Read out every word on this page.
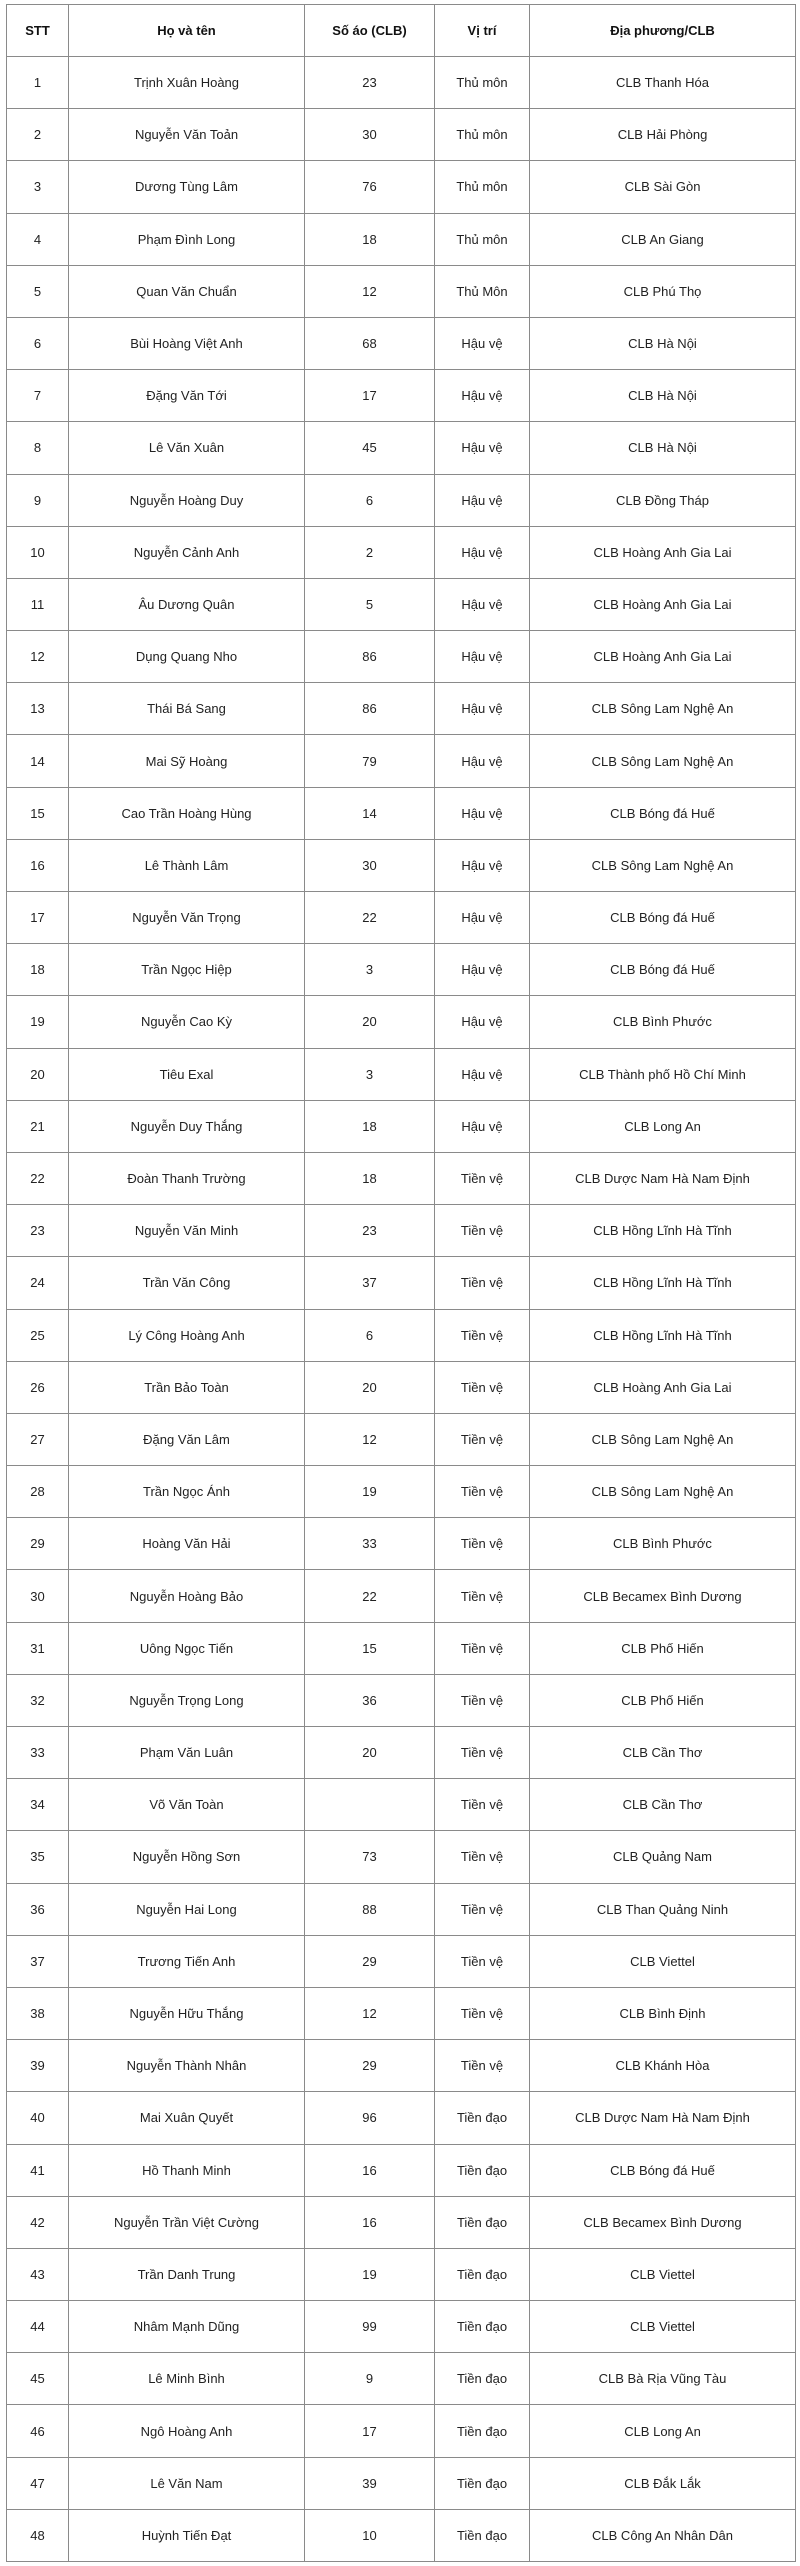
STT	Họ và tên	Số áo (CLB)	Vị trí	Địa phương/CLB
1	Trịnh Xuân Hoàng	23	Thủ môn	CLB Thanh Hóa
2	Nguyễn Văn Toản	30	Thủ môn	CLB Hải Phòng
3	Dương Tùng Lâm	76	Thủ môn	CLB Sài Gòn
4	Phạm Đình Long	18	Thủ môn	CLB An Giang
5	Quan Văn Chuẩn	12	Thủ Môn	CLB Phú Thọ
6	Bùi Hoàng Việt Anh	68	Hậu vệ	CLB Hà Nội
7	Đặng Văn Tới	17	Hậu vệ	CLB Hà Nội
8	Lê Văn Xuân	45	Hậu vệ	CLB Hà Nội
9	Nguyễn Hoàng Duy	6	Hậu vệ	CLB Đồng Tháp
10	Nguyễn Cảnh Anh	2	Hậu vệ	CLB Hoàng Anh Gia Lai
11	Âu Dương Quân	5	Hậu vệ	CLB Hoàng Anh Gia Lai
12	Dụng Quang Nho	86	Hậu vệ	CLB Hoàng Anh Gia Lai
13	Thái Bá Sang	86	Hậu vệ	CLB Sông Lam Nghệ An
14	Mai Sỹ Hoàng	79	Hậu vệ	CLB Sông Lam Nghệ An
15	Cao Trần Hoàng Hùng	14	Hậu vệ	CLB Bóng đá Huế
16	Lê Thành Lâm	30	Hậu vệ	CLB Sông Lam Nghệ An
17	Nguyễn Văn Trọng	22	Hậu vệ	CLB Bóng đá Huế
18	Trần Ngọc Hiệp	3	Hậu vệ	CLB Bóng đá Huế
19	Nguyễn Cao Kỳ	20	Hậu vệ	CLB Bình Phước
20	Tiêu Exal	3	Hậu vệ	CLB Thành phố Hồ Chí Minh
21	Nguyễn Duy Thắng	18	Hậu vệ	CLB Long An
22	Đoàn Thanh Trường	18	Tiền vệ	CLB Dược Nam Hà Nam Định
23	Nguyễn Văn Minh	23	Tiền vệ	CLB Hồng Lĩnh Hà Tĩnh
24	Trần Văn Công	37	Tiền vệ	CLB Hồng Lĩnh Hà Tĩnh
25	Lý Công Hoàng Anh	6	Tiền vệ	CLB Hồng Lĩnh Hà Tĩnh
26	Trần Bảo Toàn	20	Tiền vệ	CLB Hoàng Anh Gia Lai
27	Đặng Văn Lâm	12	Tiền vệ	CLB Sông Lam Nghệ An
28	Trần Ngọc Ánh	19	Tiền vệ	CLB Sông Lam Nghệ An
29	Hoàng Văn Hải	33	Tiền vệ	CLB Bình Phước
30	Nguyễn Hoàng Bảo	22	Tiền vệ	CLB Becamex Bình Dương
31	Uông Ngọc Tiến	15	Tiền vệ	CLB Phố Hiến
32	Nguyễn Trọng Long	36	Tiền vệ	CLB Phố Hiến
33	Phạm Văn Luân	20	Tiền vệ	CLB Cần Thơ
34	Võ Văn Toàn		Tiền vệ	CLB Cần Thơ
35	Nguyễn Hồng Sơn	73	Tiền vệ	CLB Quảng Nam
36	Nguyễn Hai Long	88	Tiền vệ	CLB Than Quảng Ninh
37	Trương Tiến Anh	29	Tiền vệ	CLB Viettel
38	Nguyễn Hữu Thắng	12	Tiền vệ	CLB Bình Định
39	Nguyễn Thành Nhân	29	Tiền vệ	CLB Khánh Hòa
40	Mai Xuân Quyết	96	Tiền đạo	CLB Dược Nam Hà Nam Định
41	Hồ Thanh Minh	16	Tiền đạo	CLB Bóng đá Huế
42	Nguyễn Trần Việt Cường	16	Tiền đạo	CLB Becamex Bình Dương
43	Trần Danh Trung	19	Tiền đạo	CLB Viettel
44	Nhâm Mạnh Dũng	99	Tiền đạo	CLB Viettel
45	Lê Minh Bình	9	Tiền đạo	CLB Bà Rịa Vũng Tàu
46	Ngô Hoàng Anh	17	Tiền đạo	CLB Long An
47	Lê Văn Nam	39	Tiền đạo	CLB Đắk Lắk
48	Huỳnh Tiến Đạt	10	Tiền đạo	CLB Công An Nhân Dân
